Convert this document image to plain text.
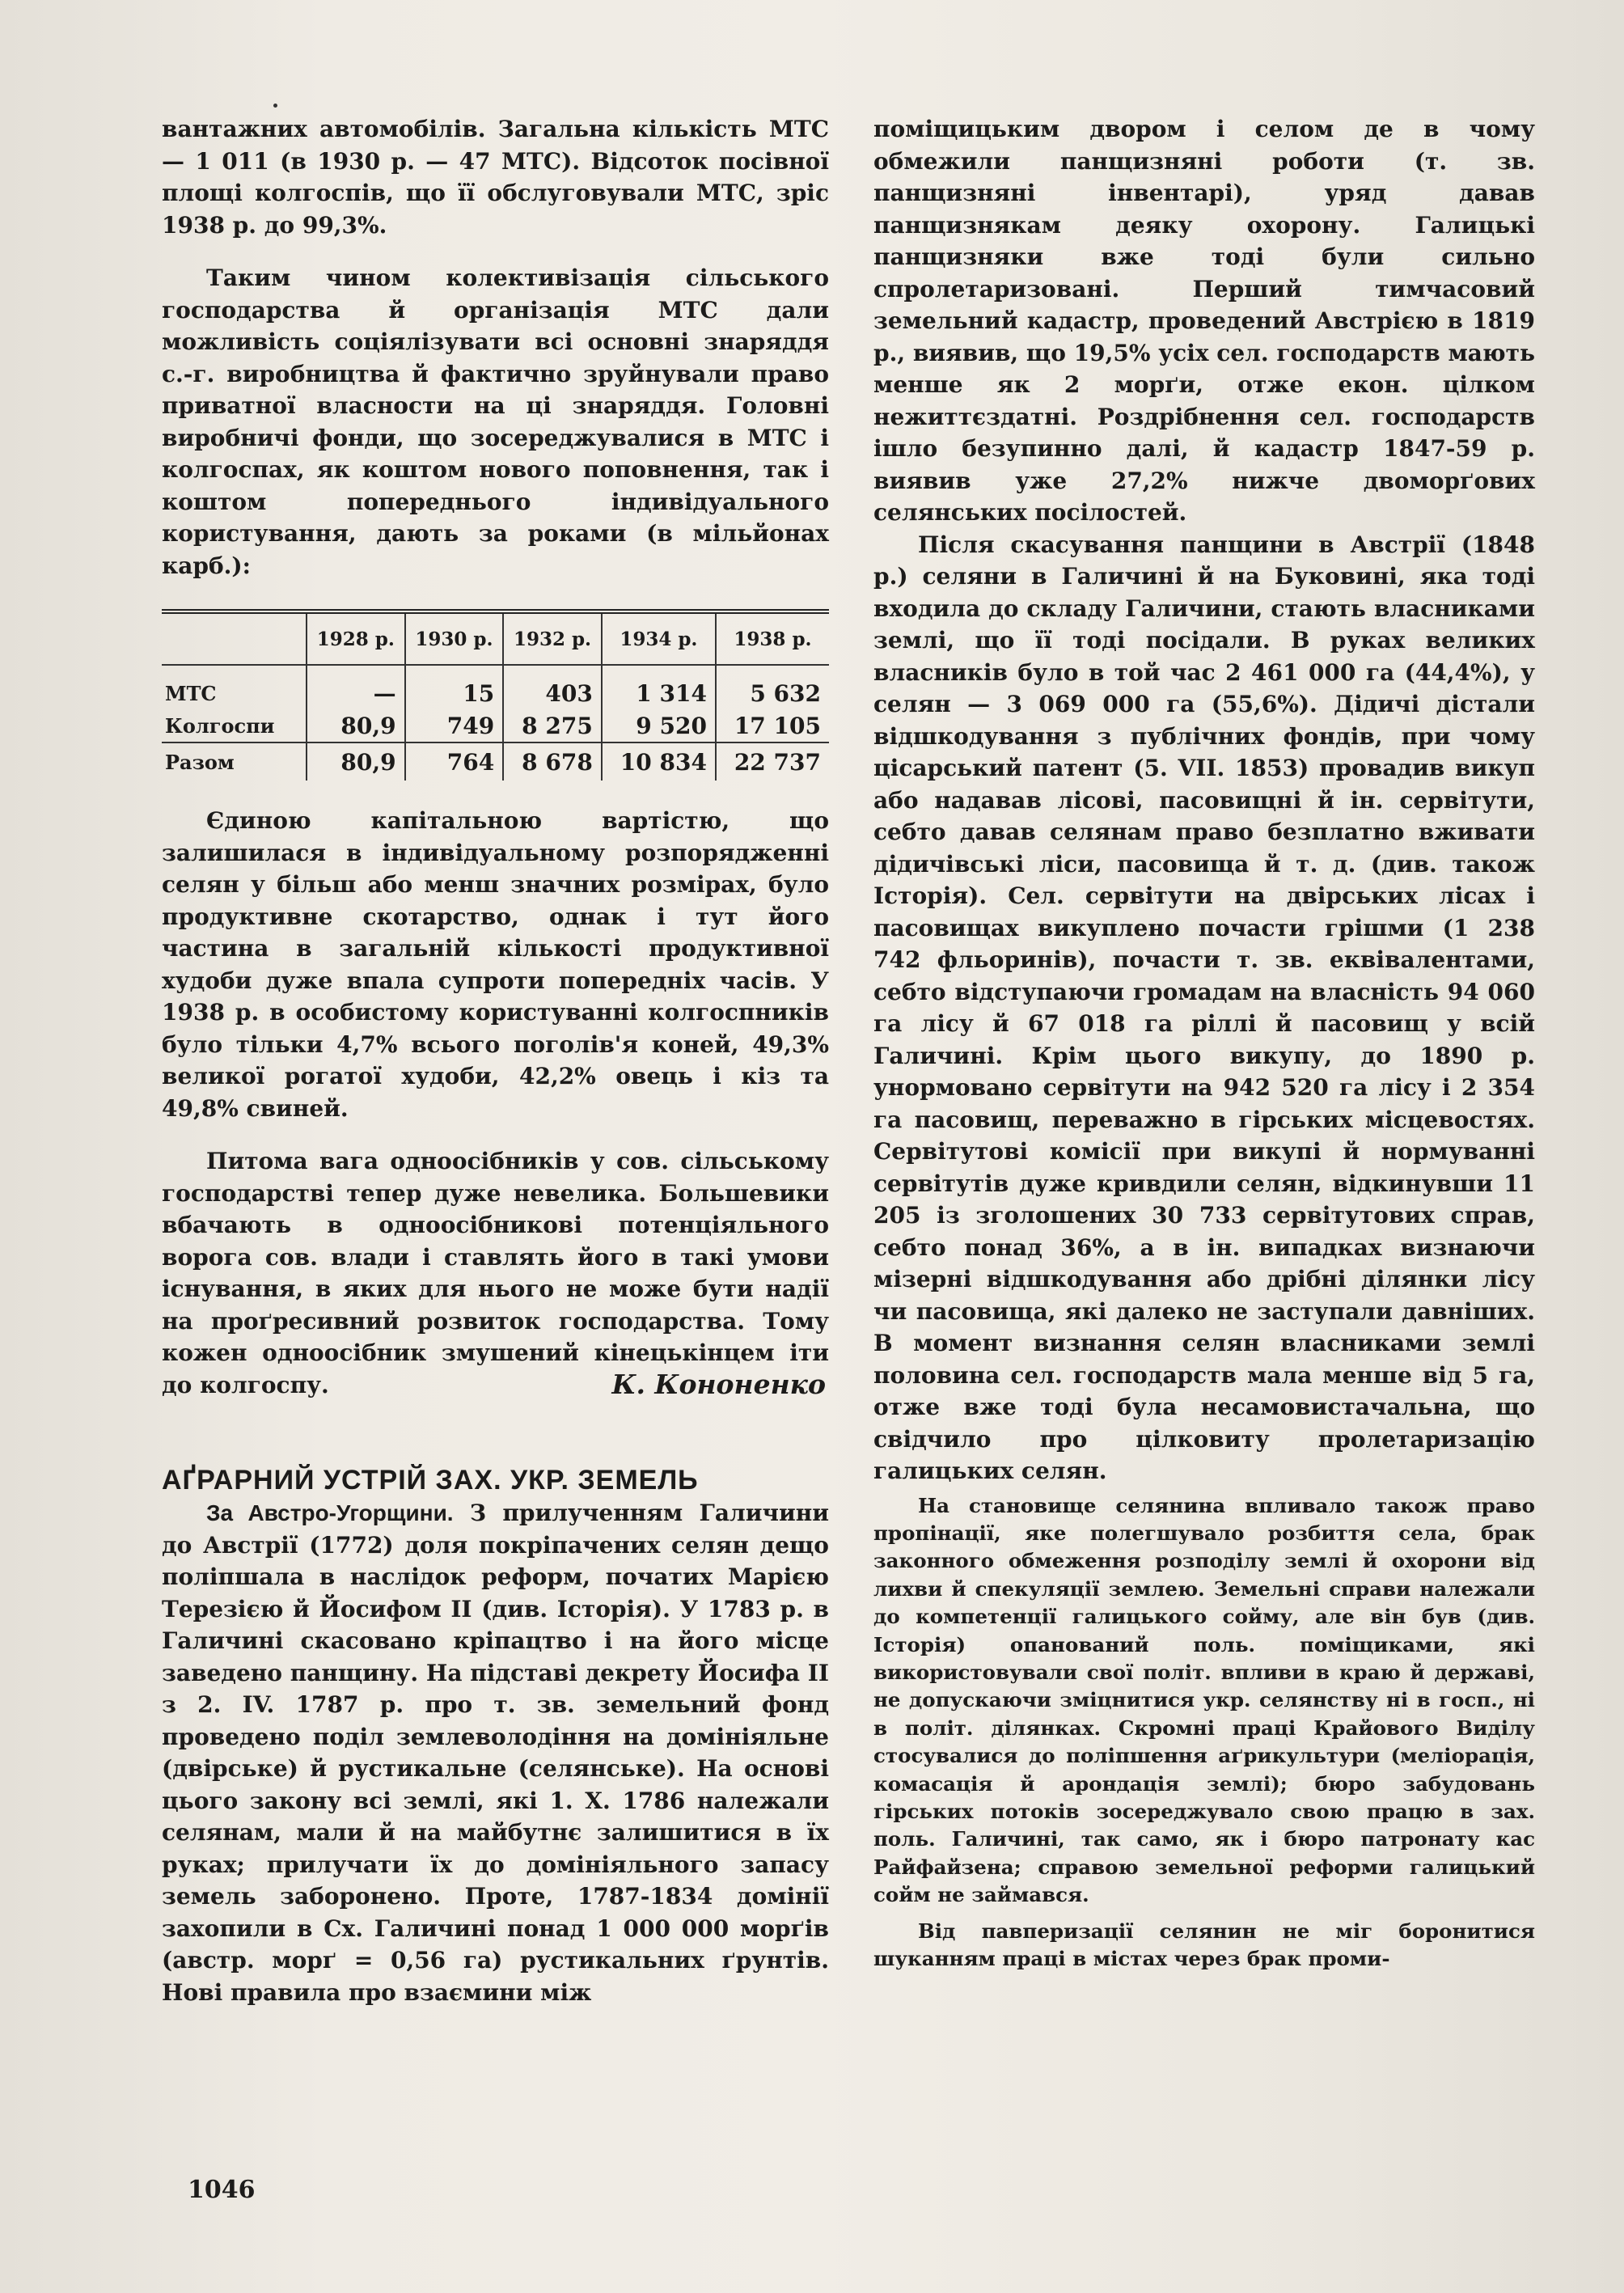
вантажних автомобілів. Загальна кількість МТС — 1 011 (в 1930 р. — 47 МТС). Відсоток посівної площі колгоспів, що її обслуговували МТС, зріс 1938 р. до 99,3%.

Таким чином колективізація сільського господарства й організація МТС дали можливість соціялізувати всі основні знаряддя с.-г. виробництва й фактично зруйнували право приватної власности на ці знаряддя. Головні виробничі фонди, що зосереджувалися в МТС і колгоспах, як коштом нового поповнення, так і коштом попереднього індивідуального користування, дають за роками (в мільйонах карб.):

	1928 р.	1930 р.	1932 р.	1934 р.	1938 р.
МТС	—	15	403	1 314	5 632
Колгоспи	80,9	749	8 275	9 520	17 105
Разом	80,9	764	8 678	10 834	22 737

Єдиною капітальною вартістю, що залишилася в індивідуальному розпорядженні селян у більш або менш значних розмірах, було продуктивне скотарство, однак і тут його частина в загальній кількості продуктивної худоби дуже впала супроти попередніх часів. У 1938 р. в особистому користуванні колгоспників було тільки 4,7% всього поголів'я коней, 49,3% великої рогатої худоби, 42,2% овець і кіз та 49,8% свиней.

Питома вага одноосібників у сов. сільському господарстві тепер дуже невелика. Большевики вбачають в одноосібникові потенціяльного ворога сов. влади і ставлять його в такі умови існування, в яких для нього не може бути надії на проґресивний розвиток господарства. Тому кожен одноосібник змушений кінецькінцем іти до колгоспу.	К. Кононенко
АҐРАРНИЙ УСТРІЙ ЗАХ. УКР. ЗЕМЕЛЬ

За Австро-Угорщини. З прилученням Галичини до Австрії (1772) доля покріпачених селян дещо поліпшала в наслідок реформ, початих Марією Терезією й Йосифом II (див. Історія). У 1783 р. в Галичині скасовано кріпацтво і на його місце заведено панщину. На підставі декрету Йосифа II з 2. IV. 1787 р. про т. зв. земельний фонд проведено поділ землеволодіння на домініяльне (двірське) й рустикальне (селянське). На основі цього закону всі землі, які 1. X. 1786 належали селянам, мали й на майбутнє залишитися в їх руках; прилучати їх до домініяльного запасу земель заборонено. Проте, 1787-1834 домінії захопили в Сх. Галичині понад 1 000 000 морґів (австр. морґ = 0,56 га) рустикальних ґрунтів. Нові правила про взаємини між

поміщицьким двором і селом де в чому обмежили панщизняні роботи (т. зв. панщизняні інвентарі), уряд давав панщизнякам деяку охорону. Галицькі панщизняки вже тоді були сильно спролетаризовані. Перший тимчасовий земельний кадастр, проведений Австрією в 1819 р., виявив, що 19,5% усіх сел. господарств мають менше як 2 морґи, отже екон. цілком нежиттєздатні. Роздрібнення сел. господарств ішло безупинно далі, й кадастр 1847-59 р. виявив уже 27,2% нижче двоморґових селянських посілостей.

Після скасування панщини в Австрії (1848 р.) селяни в Галичині й на Буковині, яка тоді входила до складу Галичини, стають власниками землі, що її тоді посідали. В руках великих власників було в той час 2 461 000 га (44,4%), у селян — 3 069 000 га (55,6%). Дідичі дістали відшкодування з публічних фондів, при чому цісарський патент (5. VII. 1853) провадив викуп або надавав лісові, пасовищні й ін. сервітути, себто давав селянам право безплатно вживати дідичівські ліси, пасовища й т. д. (див. також Історія). Сел. сервітути на двірських лісах і пасовищах викуплено почасти грішми (1 238 742 фльоринів), почасти т. зв. еквівалентами, себто відступаючи громадам на власність 94 060 га лісу й 67 018 га ріллі й пасовищ у всій Галичині. Крім цього викупу, до 1890 р. унормовано сервітути на 942 520 га лісу і 2 354 га пасовищ, переважно в гірських місцевостях. Сервітутові комісії при викупі й нормуванні сервітутів дуже кривдили селян, відкинувши 11 205 із зголошених 30 733 сервітутових справ, себто понад 36%, а в ін. випадках визнаючи мізерні відшкодування або дрібні ділянки лісу чи пасовища, які далеко не заступали давніших. В момент визнання селян власниками землі половина сел. господарств мала менше від 5 га, отже вже тоді була несамовистачальна, що свідчило про цілковиту пролетаризацію галицьких селян.

На становище селянина впливало також право пропінації, яке полегшувало розбиття села, брак законного обмеження розподілу землі й охорони від лихви й спекуляції землею. Земельні справи належали до компетенції галицького сойму, але він був (див. Історія) опанований поль. поміщиками, які використовували свої політ. впливи в краю й державі, не допускаючи зміцнитися укр. селянству ні в госп., ні в політ. ділянках. Скромні праці Крайового Виділу стосувалися до поліпшення аґрикультури (меліорація, комасація й арондація землі); бюро забудовань гірських потоків зосереджувало свою працю в зах. поль. Галичині, так само, як і бюро патронату кас Райфайзена; справою земельної реформи галицький сойм не займався.

Від павперизації селянин не міг боронитися шуканням праці в містах через брак проми-

1046
